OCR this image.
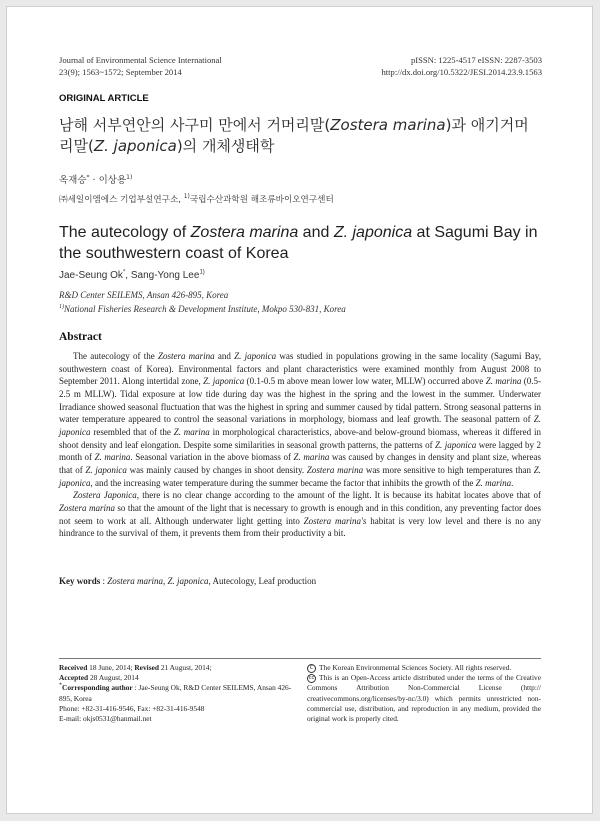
Journal of Environmental Science International
23(9); 1563~1572; September 2014
pISSN: 1225-4517 eISSN: 2287-3503
http://dx.doi.org/10.5322/JESI.2014.23.9.1563
ORIGINAL ARTICLE
남해 서부연안의 사구미 만에서 거머리말(Zostera marina)과 애기거머리말(Z. japonica)의 개체생태학
옥재승* · 이상용$^{1)}$
㈜세일이엠에스 기업부설연구소, $^{1)}$국립수산과학원 해조류바이오연구센터
The autecology of Zostera marina and Z. japonica at Sagumi Bay in the southwestern coast of Korea
Jae-Seung Ok*, Sang-Yong Lee$^{1)}$
R&D Center SEILEMS, Ansan 426-895, Korea
$^{1)}$National Fisheries Research & Development Institute, Mokpo 530-831, Korea
Abstract

The autecology of the Zostera marina and Z. japonica was studied in populations growing in the same locality (Sagumi Bay, southwestern coast of Korea). Environmental factors and plant characteristics were examined monthly from August 2008 to September 2011. Along intertidal zone, Z. japonica (0.1-0.5 m above mean lower low water, MLLW) occurred above Z. marina (0.5-2.5 m MLLW). Tidal exposure at low tide during day was the highest in the spring and the lowest in the summer. Underwater Irradiance showed seasonal fluctuation that was the highest in spring and summer caused by tidal pattern. Strong seasonal patterns in water temperature appeared to control the seasonal variations in morphology, biomass and leaf growth. The seasonal pattern of Z. japonica resembled that of the Z. marina in morphological characteristics, above-and below-ground biomass, whereas it differed in shoot density and leaf elongation. Despite some similarities in seasonal growth patterns, the patterns of Z. japonica were lagged by 2 month of Z. marina. Seasonal variation in the above biomass of Z. marina was caused by changes in density and plant size, whereas that of Z. japonica was mainly caused by changes in shoot density. Zostera marina was more sensitive to high temperatures than Z. japonica, and the increasing water temperature during the summer became the factor that inhibits the growth of the Z. marina.

Zostera Japonica, there is no clear change according to the amount of the light. It is because its habitat locates above that of Zostera marina so that the amount of the light that is necessary to growth is enough and in this condition, any preventing factor does not seem to work at all. Although underwater light getting into Zostera marina's habitat is very low level and there is no any hindrance to the survival of them, it prevents them from their productivity a bit.

Key words : Zostera marina, Z. japonica, Autecology, Leaf production
Received 18 June, 2014; Revised 21 August, 2014;
Accepted 28 August, 2014
*Corresponding author : Jae-Seung Ok, R&D Center SEILEMS, Ansan 426-895, Korea
Phone: +82-31-416-9546, Fax: +82-31-416-9548
E-mail: okjs0531@hanmail.net
C The Korean Environmental Sciences Society. All rights reserved.
cc This is an Open-Access article distributed under the terms of the Creative Commons Attribution Non-Commercial License (http:// creativecommons.org/licenses/by-nc/3.0) which permits unrestricted non-commercial use, distribution, and reproduction in any medium, provided the original work is properly cited.
